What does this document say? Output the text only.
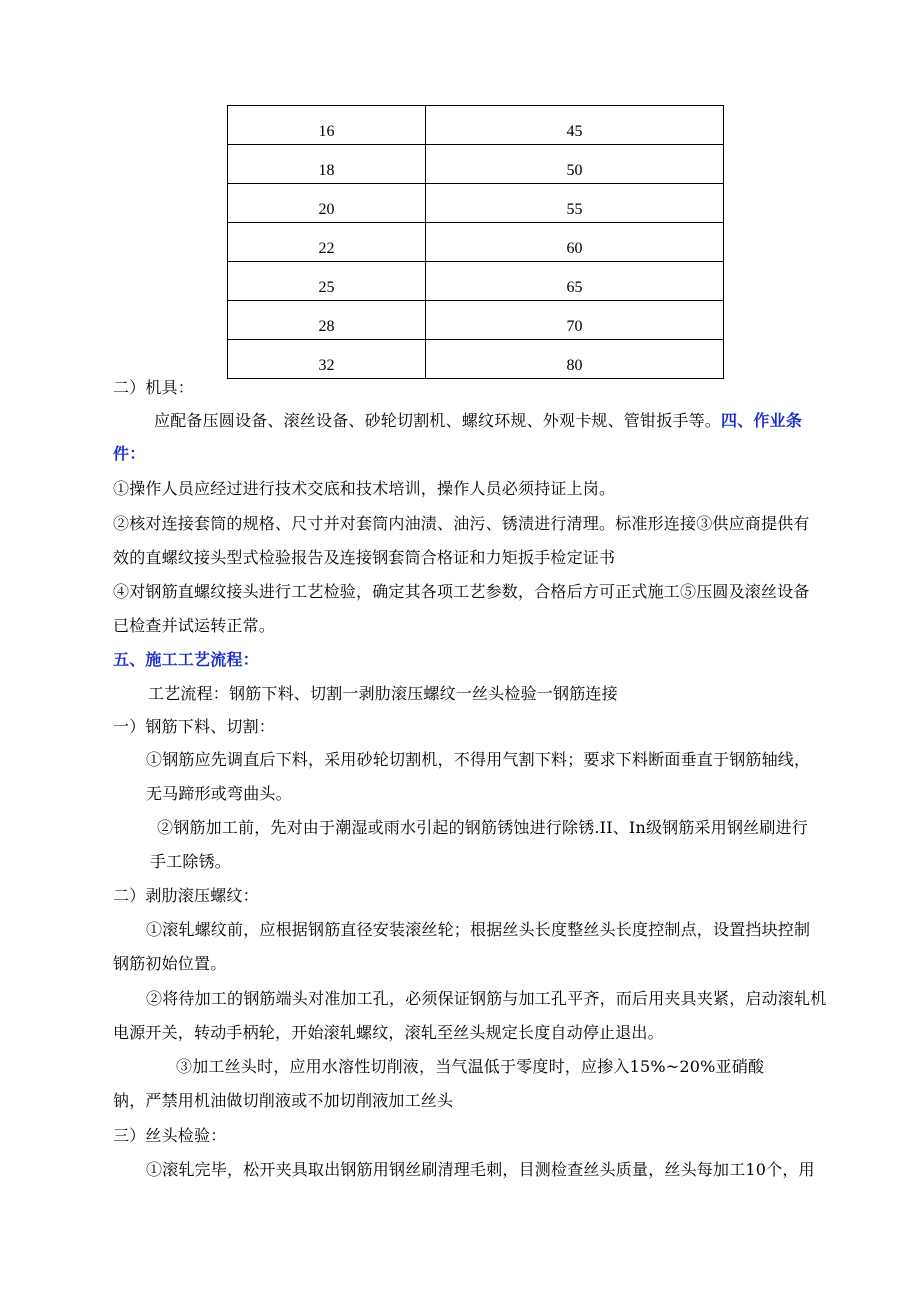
16	45
18	50
20	55
22	60
25	65
28	70
32	80
二）机具：
应配备压圆设备、滚丝设备、砂轮切割机、螺纹环规、外观卡规、管钳扳手等。四、作业条
件：
①操作人员应经过进行技术交底和技术培训，操作人员必须持证上岗。
②核对连接套筒的规格、尺寸并对套筒内油渍、油污、锈渍进行清理。标准形连接③供应商提供有
效的直螺纹接头型式检验报告及连接钢套筒合格证和力矩扳手检定证书
④对钢筋直螺纹接头进行工艺检验，确定其各项工艺参数，合格后方可正式施工⑤压圆及滚丝设备
已检查并试运转正常。
五、施工工艺流程：
工艺流程：钢筋下料、切割一剥肋滚压螺纹一丝头检验一钢筋连接
一）钢筋下料、切割：
①钢筋应先调直后下料，采用砂轮切割机，不得用气割下料；要求下料断面垂直于钢筋轴线，
无马蹄形或弯曲头。
②钢筋加工前，先对由于潮湿或雨水引起的钢筋锈蚀进行除锈.II、In级钢筋采用钢丝刷进行
手工除锈。
二）剥肋滚压螺纹：
①滚轧螺纹前，应根据钢筋直径安装滚丝轮；根据丝头长度整丝头长度控制点，设置挡块控制
钢筋初始位置。
②将待加工的钢筋端头对准加工孔，必须保证钢筋与加工孔平齐，而后用夹具夹紧，启动滚轧机
电源开关，转动手柄轮，开始滚轧螺纹，滚轧至丝头规定长度自动停止退出。
③加工丝头时，应用水溶性切削液，当气温低于零度时，应掺入15%~20%亚硝酸
钠，严禁用机油做切削液或不加切削液加工丝头
三）丝头检验：
①滚轧完毕，松开夹具取出钢筋用钢丝刷清理毛刺，目测检查丝头质量，丝头每加工10个，用
